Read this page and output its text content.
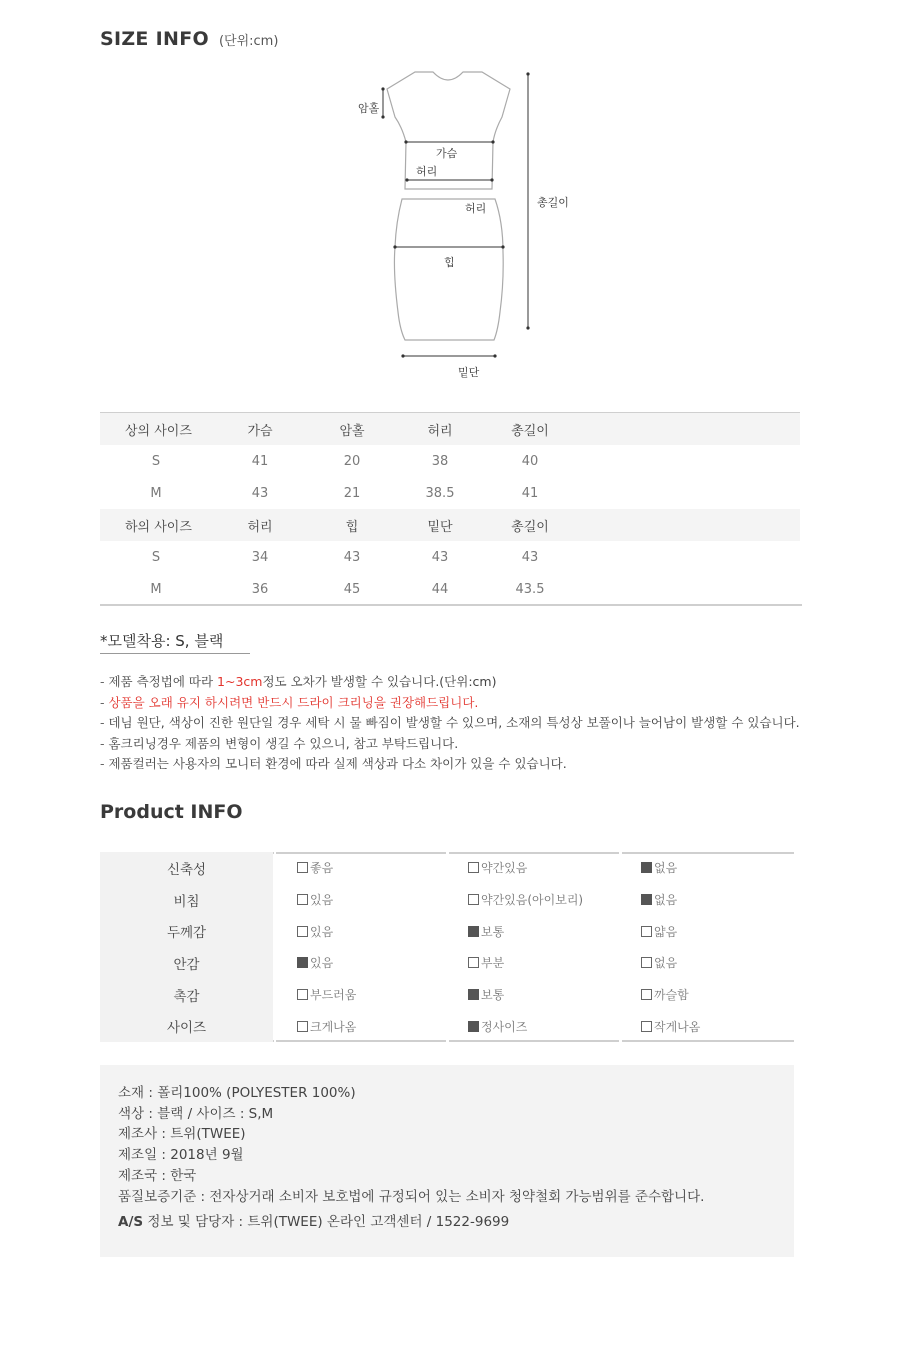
SIZE INFO (단위:cm)
암홀
가슴
허리
허리
힙
밑단
총길이
상의 사이즈	가슴	암홀	허리	총길이	
S	41	20	38	40	
M	43	21	38.5	41	
하의 사이즈	허리	힙	밑단	총길이	
S	34	43	43	43	
M	36	45	44	43.5	
*모델착용: S, 블랙
- 제품 측정법에 따라 1~3cm정도 오차가 발생할 수 있습니다.(단위:cm)
- 상품을 오래 유지 하시려면 반드시 드라이 크리닝을 권장해드립니다.
- 데님 원단, 색상이 진한 원단일 경우 세탁 시 물 빠짐이 발생할 수 있으며, 소재의 특성상 보풀이나 늘어남이 발생할 수 있습니다.
- 홈크리닝경우 제품의 변형이 생길 수 있으니, 참고 부탁드립니다.
- 제품컬러는 사용자의 모니터 환경에 따라 실제 색상과 다소 차이가 있을 수 있습니다.
Product INFO
신축성	좋음	약간있음	없음
비침	있음	약간있음(아이보리)	없음
두께감	있음	보통	얇음
안감	있음	부분	없음
촉감	부드러움	보통	까슬함
사이즈	크게나옴	정사이즈	작게나옴
소재 : 폴리100% (POLYESTER 100%)
색상 : 블랙 / 사이즈 : S,M
제조사 : 트위(TWEE)
제조일 : 2018년 9월
제조국 : 한국
품질보증기준 : 전자상거래 소비자 보호법에 규정되어 있는 소비자 청약철회 가능범위를 준수합니다.
A/S 정보 및 담당자 : 트위(TWEE) 온라인 고객센터 / 1522-9699
